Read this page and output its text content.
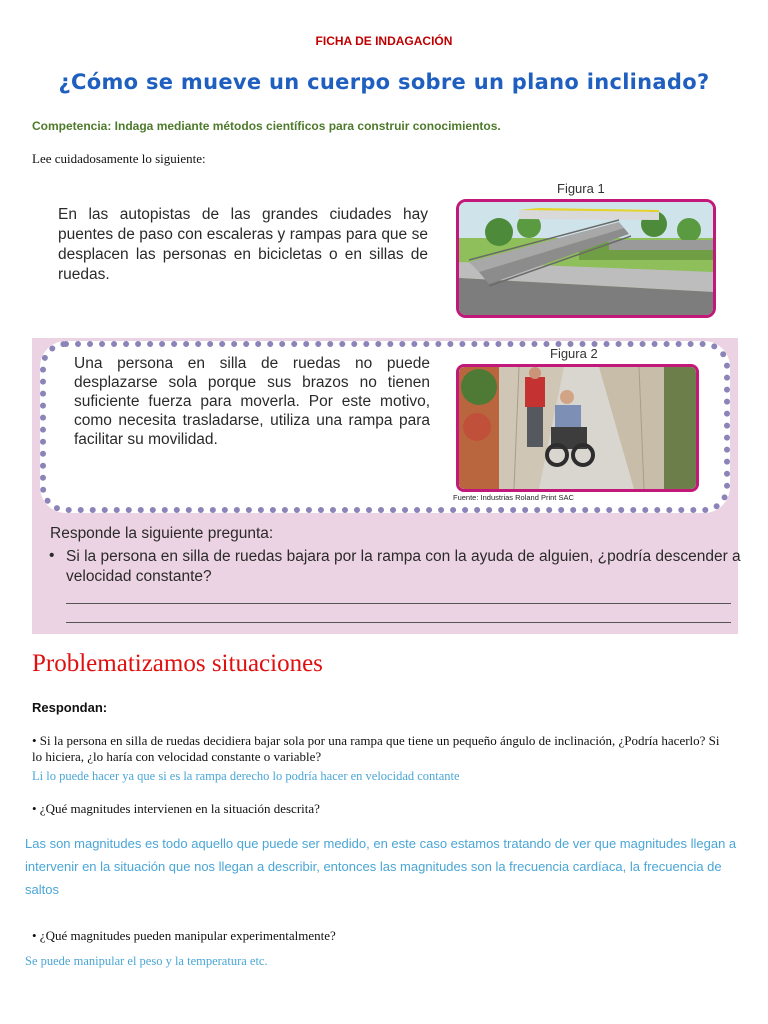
FICHA DE INDAGACIÓN
¿Cómo se mueve un cuerpo sobre un plano inclinado?
Competencia: Indaga mediante métodos científicos para construir conocimientos.
Lee cuidadosamente lo siguiente:
En las autopistas de las grandes ciudades hay puentes de paso con escaleras y rampas para que se desplacen las personas en bicicletas o en sillas de ruedas.
Figura 1
Una persona en silla de ruedas no puede desplazarse sola porque sus brazos no tienen suficiente fuerza para moverla. Por este motivo, como necesita trasladarse, utiliza una rampa para facilitar su movilidad.
Figura 2
Fuente: Industrias Roland Print SAC
Responde la siguiente pregunta:
• Si la persona en silla de ruedas bajara por la rampa con la ayuda de alguien, ¿podría descender a velocidad constante?
Problematizamos situaciones
Respondan:
• Si la persona en silla de ruedas decidiera bajar sola por una rampa que tiene un pequeño ángulo de inclinación, ¿Podría hacerlo? Si lo hiciera, ¿lo haría con velocidad constante o variable?
Li lo puede hacer ya que si es la rampa derecho lo podría hacer en velocidad contante
• ¿Qué magnitudes intervienen en la situación descrita?
Las son magnitudes es todo aquello que puede ser medido, en este caso estamos tratando de ver que magnitudes llegan a intervenir en la situación que nos llegan a describir, entonces las magnitudes son la frecuencia cardíaca, la frecuencia de saltos
• ¿Qué magnitudes pueden manipular experimentalmente?
Se puede manipular el peso y la temperatura etc.
